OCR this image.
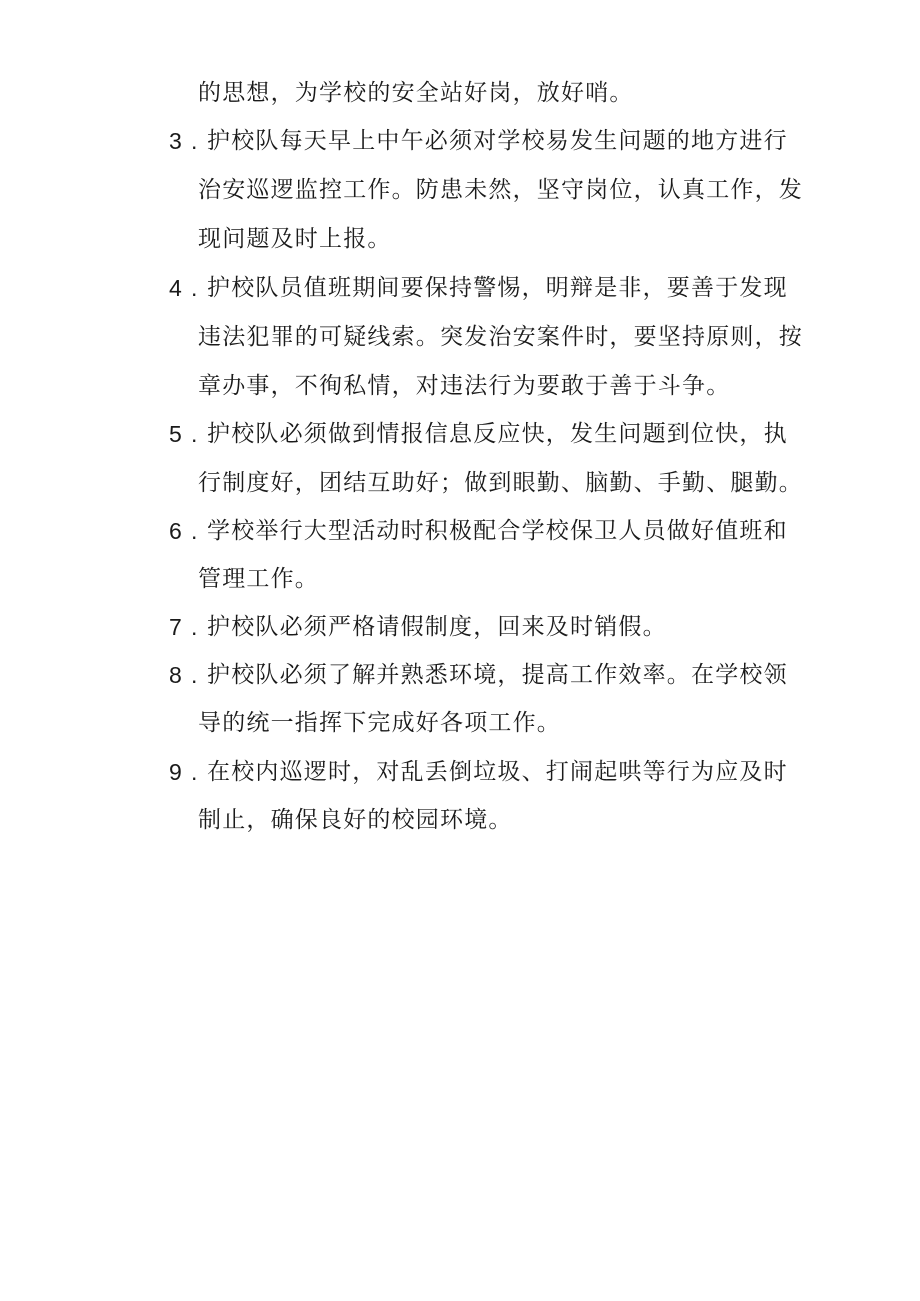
的思想，为学校的安全站好岗，放好哨。
3 . 护校队每天早上中午必须对学校易发生问题的地方进行
治安巡逻监控工作。防患未然，坚守岗位，认真工作，发
现问题及时上报。
4 . 护校队员值班期间要保持警惕，明辩是非，要善于发现
违法犯罪的可疑线索。突发治安案件时，要坚持原则，按
章办事，不徇私情，对违法行为要敢于善于斗争。
5 . 护校队必须做到情报信息反应快，发生问题到位快，执
行制度好，团结互助好；做到眼勤、脑勤、手勤、腿勤。
6 . 学校举行大型活动时积极配合学校保卫人员做好值班和
管理工作。
7 . 护校队必须严格请假制度，回来及时销假。
8 . 护校队必须了解并熟悉环境，提高工作效率。在学校领
导的统一指挥下完成好各项工作。
9 . 在校内巡逻时，对乱丢倒垃圾、打闹起哄等行为应及时
制止，确保良好的校园环境。
